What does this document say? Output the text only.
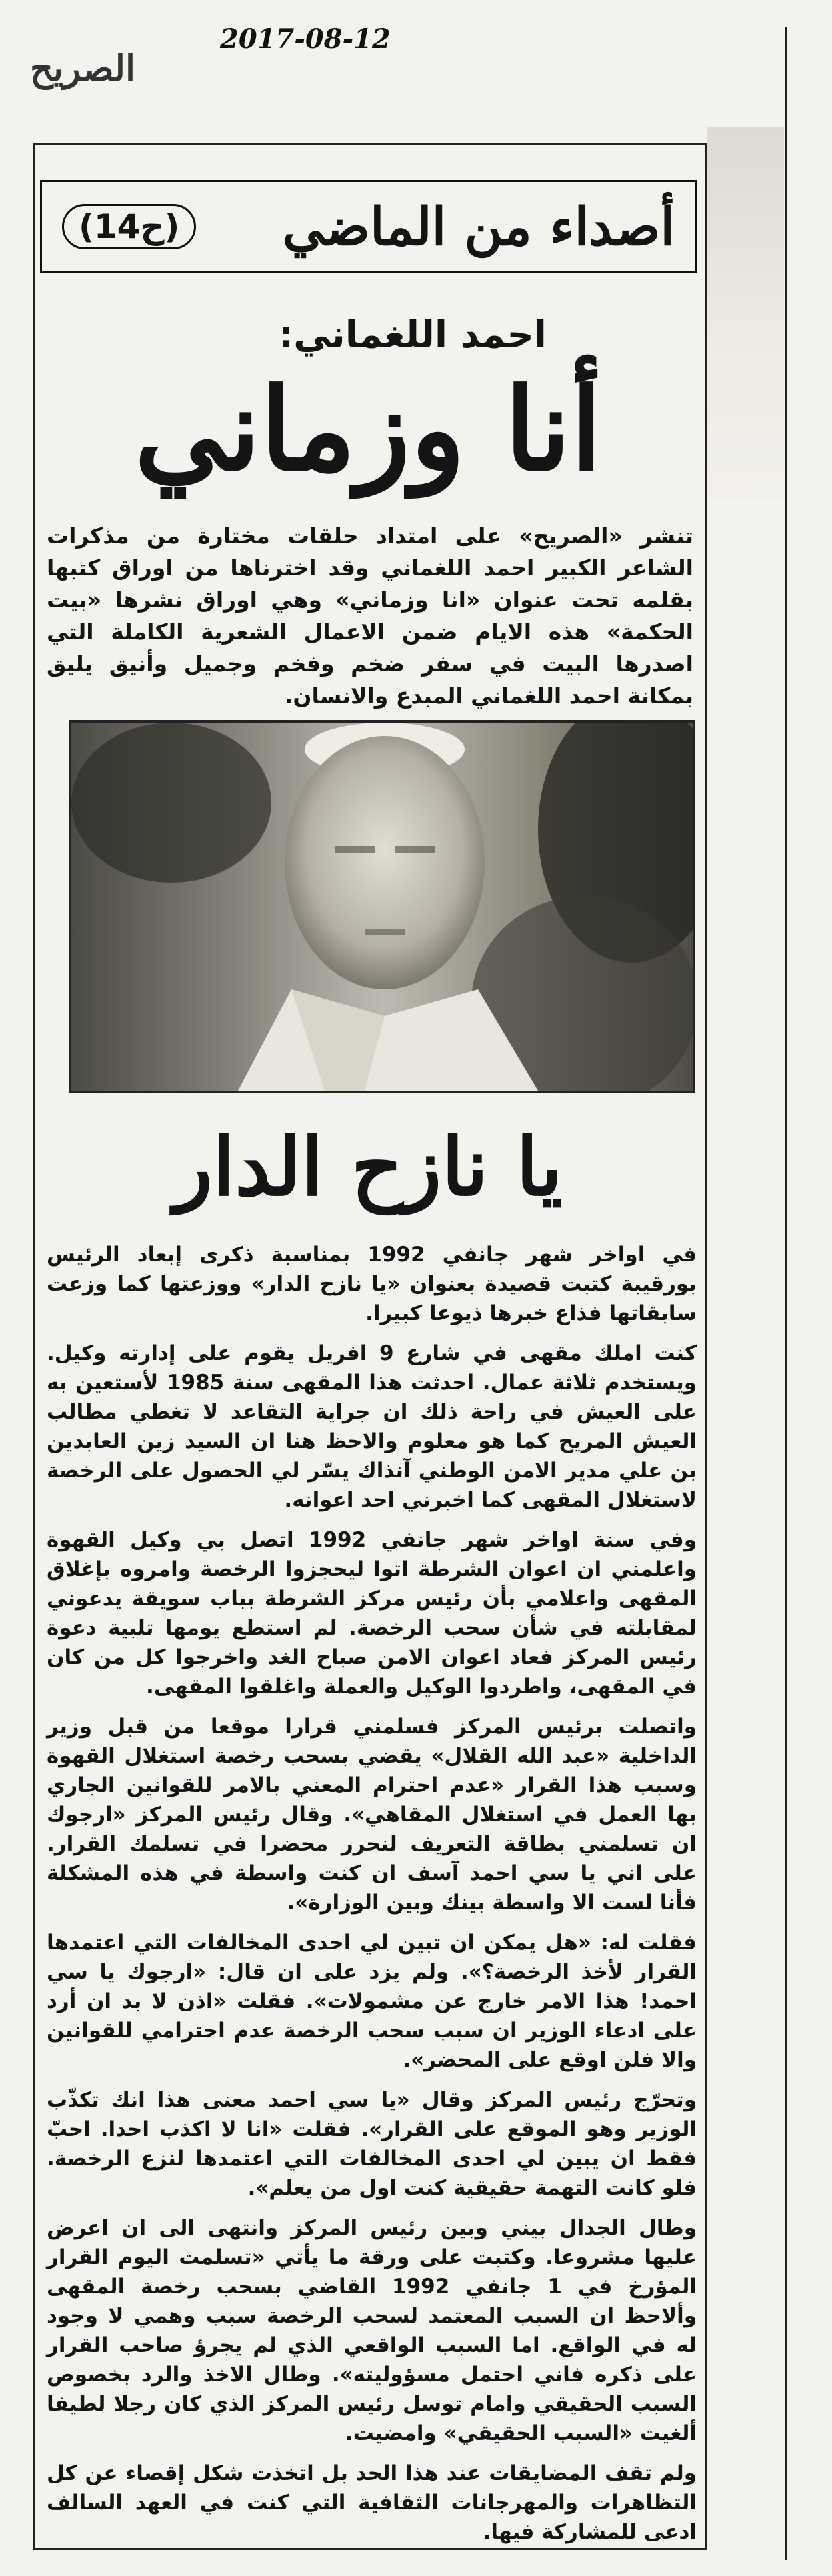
2017-08-12
الصريح
أصداء من الماضي
(ح14)
احمد اللغماني:
أنا وزماني
تنشر «الصريح» على امتداد حلقات مختارة من مذكرات الشاعر الكبير احمد اللغماني وقد اخترناها من اوراق كتبها بقلمه تحت عنوان «انا وزماني» وهي اوراق نشرها «بيت الحكمة» هذه الايام ضمن الاعمال الشعرية الكاملة التي اصدرها البيت في سفر ضخم وفخم وجميل وأنيق يليق بمكانة احمد اللغماني المبدع والانسان.
يا نازح الدار

في اواخر شهر جانفي 1992 بمناسبة ذكرى إبعاد الرئيس بورقيبة كتبت قصيدة بعنوان «يا نازح الدار» ووزعتها كما وزعت سابقاتها فذاع خبرها ذيوعا كبيرا.

كنت املك مقهى في شارع 9 افريل يقوم على إدارته وكيل. ويستخدم ثلاثة عمال. احدثت هذا المقهى سنة 1985 لأستعين به على العيش في راحة ذلك ان جراية التقاعد لا تغطي مطالب العيش المريح كما هو معلوم والاحظ هنا ان السيد زين العابدين بن علي مدير الامن الوطني آنذاك يسّر لي الحصول على الرخصة لاستغلال المقهى كما اخبرني احد اعوانه.

وفي سنة اواخر شهر جانفي 1992 اتصل بي وكيل القهوة واعلمني ان اعوان الشرطة اتوا ليحجزوا الرخصة وامروه بإغلاق المقهى واعلامي بأن رئيس مركز الشرطة بباب سويقة يدعوني لمقابلته في شأن سحب الرخصة. لم استطع يومها تلبية دعوة رئيس المركز فعاد اعوان الامن صباح الغد واخرجوا كل من كان في المقهى، واطردوا الوكيل والعملة واغلقوا المقهى.

واتصلت برئيس المركز فسلمني قرارا موقعا من قبل وزير الداخلية «عبد الله القلال» يقضي بسحب رخصة استغلال القهوة وسبب هذا القرار «عدم احترام المعني بالامر للقوانين الجاري بها العمل في استغلال المقاهي». وقال رئيس المركز «ارجوك ان تسلمني بطاقة التعريف لنحرر محضرا في تسلمك القرار. على اني يا سي احمد آسف ان كنت واسطة في هذه المشكلة فأنا لست الا واسطة بينك وبين الوزارة».

فقلت له: «هل يمكن ان تبين لي احدى المخالفات التي اعتمدها القرار لأخذ الرخصة؟». ولم يزد على ان قال: «ارجوك يا سي احمد! هذا الامر خارج عن مشمولات». فقلت «اذن لا بد ان أرد على ادعاء الوزير ان سبب سحب الرخصة عدم احترامي للقوانين والا فلن اوقع على المحضر».

وتحرّج رئيس المركز وقال «يا سي احمد معنى هذا انك تكذّب الوزير وهو الموقع على القرار». فقلت «انا لا اكذب احدا. احبّ فقط ان يبين لي احدى المخالفات التي اعتمدها لنزع الرخصة. فلو كانت التهمة حقيقية كنت اول من يعلم».

وطال الجدال بيني وبين رئيس المركز وانتهى الى ان اعرض عليها مشروعا. وكتبت على ورقة ما يأتي «تسلمت اليوم القرار المؤرخ في 1 جانفي 1992 القاضي بسحب رخصة المقهى وألاحظ ان السبب المعتمد لسحب الرخصة سبب وهمي لا وجود له في الواقع. اما السبب الواقعي الذي لم يجرؤ صاحب القرار على ذكره فاني احتمل مسؤوليته». وطال الاخذ والرد بخصوص السبب الحقيقي وامام توسل رئيس المركز الذي كان رجلا لطيفا ألغيت «السبب الحقيقي» وامضيت.

ولم تقف المضايقات عند هذا الحد بل اتخذت شكل إقصاء عن كل التظاهرات والمهرجانات الثقافية التي كنت في العهد السالف ادعى للمشاركة فيها.
